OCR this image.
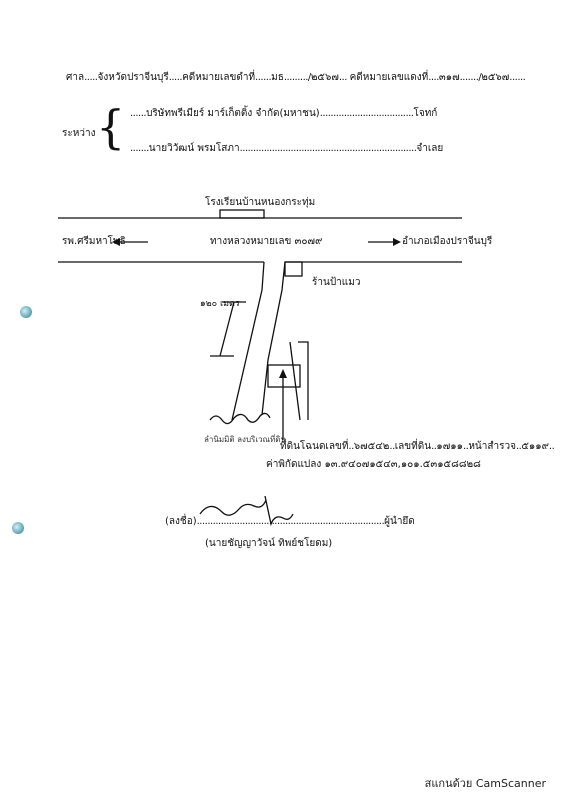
ศาล.....จังหวัดปราจีนบุรี.....คดีหมายเลขดำที่......มธ........./๒๕๖๗... คดีหมายเลขแดงที่....๓๑๗......./๒๕๖๗......
ระหว่าง { ......บริษัทพรีเมียร์ มาร์เก็ตติ้ง จำกัด(มหาชน)...................................โจทก์
.......นายวิวัฒน์ พรมโสภา..................................................................จำเลย
โรงเรียนบ้านหนองกระทุ่ม
รพ.ศรีมหาโพธิ	ทางหลวงหมายเลข ๓๐๗๙	อำเภอเมืองปราจีนบุรี
ร้านป้าแมว
๑๒๐ เมตร
ลำนิมมิติ ลงบริเวณที่ดิน
ที่ดินโฉนดเลขที่..๖๗๕๔๒..เลขที่ดิน..๑๗๑๑..หน้าสำรวจ..๕๑๑๙..
ค่าพิกัดแปลง ๑๓.๙๔๐๗๑๕๔๓,๑๐๑.๕๓๑๕๘๘๒๘
(ลงชื่อ)......................................................................ผู้นำยึด
(นายชัญญาวัจน์ ทิพย์ชโยดม)
สแกนด้วย CamScanner
